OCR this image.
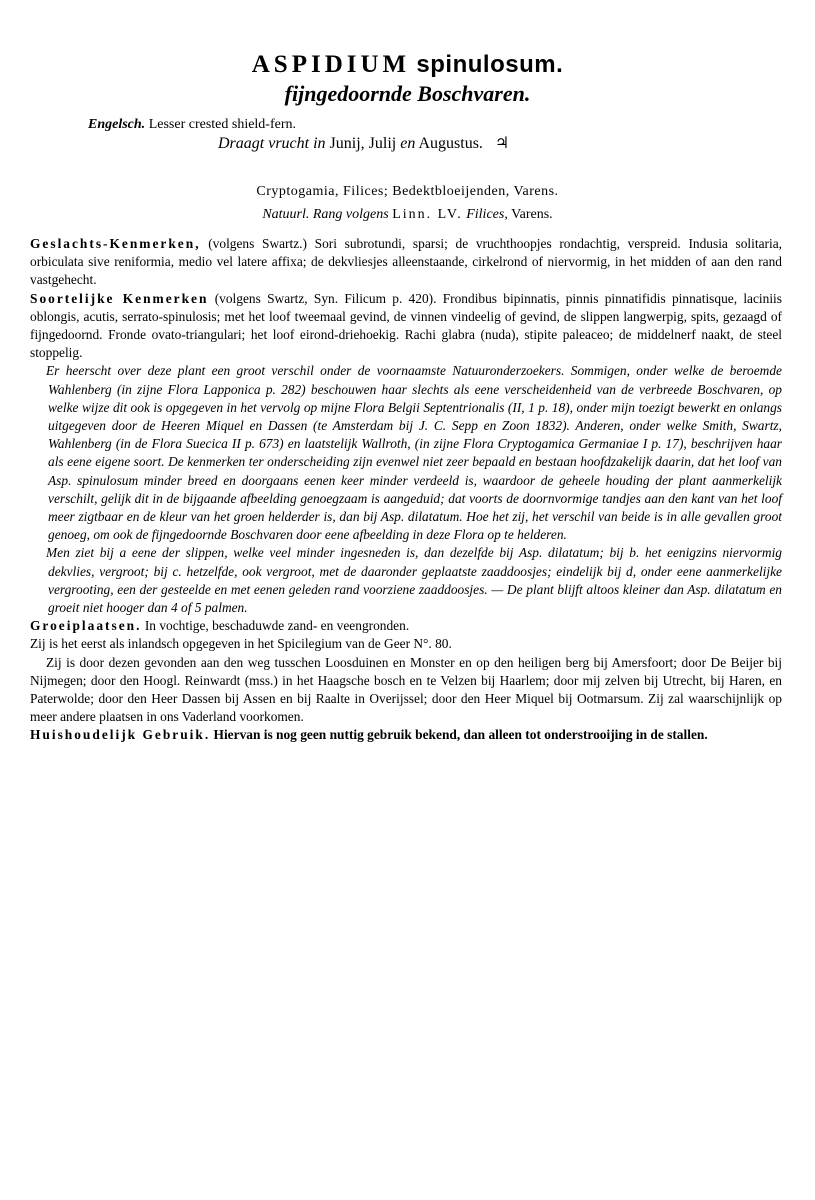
ASPIDIUM spinulosum.
fijngedoornde Boschvaren.
Engelsch. Lesser crested shield-fern.
Draagt vrucht in Junij, Julij en Augustus. ♃
Cryptogamia, Filices; Bedektbloeijenden, Varens.
Natuurl. Rang volgens Linn. LV. Filices, Varens.

Geslachts-Kenmerken, (volgens Swartz.) Sori subrotundi, sparsi; de vruchthoopjes rondachtig, verspreid. Indusia solitaria, orbiculata sive reniformia, medio vel latere affixa; de dekvliesjes alleenstaande, cirkelrond of niervormig, in het midden of aan den rand vastgehecht.

Soortelijke Kenmerken (volgens Swartz, Syn. Filicum p. 420). Frondibus bipinnatis, pinnis pinnatifidis pinnatisque, laciniis oblongis, acutis, serrato-spinulosis; met het loof tweemaal gevind, de vinnen vindeelig of gevind, de slippen langwerpig, spits, gezaagd of fijngedoornd. Fronde ovato-triangulari; het loof eirond-driehoekig. Rachi glabra (nuda), stipite paleaceo; de middelnerf naakt, de steel stoppelig.

Er heerscht over deze plant een groot verschil onder de voornaamste Natuuronderzoekers. Sommigen, onder welke de beroemde Wahlenberg (in zijne Flora Lapponica p. 282) beschouwen haar slechts als eene verscheidenheid van de verbreede Boschvaren, op welke wijze dit ook is opgegeven in het vervolg op mijne Flora Belgii Septentrionalis (II, 1 p. 18), onder mijn toezigt bewerkt en onlangs uitgegeven door de Heeren Miquel en Dassen (te Amsterdam bij J. C. Sepp en Zoon 1832). Anderen, onder welke Smith, Swartz, Wahlenberg (in de Flora Suecica II p. 673) en laatstelijk Wallroth, (in zijne Flora Cryptogamica Germaniae I p. 17), beschrijven haar als eene eigene soort. De kenmerken ter onderscheiding zijn evenwel niet zeer bepaald en bestaan hoofdzakelijk daarin, dat het loof van Asp. spinulosum minder breed en doorgaans eenen keer minder verdeeld is, waardoor de geheele houding der plant aanmerkelijk verschilt, gelijk dit in de bijgaande afbeelding genoegzaam is aangeduid; dat voorts de doornvormige tandjes aan den kant van het loof meer zigtbaar en de kleur van het groen helderder is, dan bij Asp. dilatatum. Hoe het zij, het verschil van beide is in alle gevallen groot genoeg, om ook de fijngedoornde Boschvaren door eene afbeelding in deze Flora op te helderen.

Men ziet bij a eene der slippen, welke veel minder ingesneden is, dan dezelfde bij Asp. dilatatum; bij b. het eenigzins niervormig dekvlies, vergroot; bij c. hetzelfde, ook vergroot, met de daaronder geplaatste zaaddoosjes; eindelijk bij d, onder eene aanmerkelijke vergrooting, een der gesteelde en met eenen geleden rand voorziene zaaddoosjes. — De plant blijft altoos kleiner dan Asp. dilatatum en groeit niet hooger dan 4 of 5 palmen.

Groeiplaatsen. In vochtige, beschaduwde zand- en veengronden.

Zij is het eerst als inlandsch opgegeven in het Spicilegium van de Geer N°. 80.

Zij is door dezen gevonden aan den weg tusschen Loosduinen en Monster en op den heiligen berg bij Amersfoort; door De Beijer bij Nijmegen; door den Hoogl. Reinwardt (mss.) in het Haagsche bosch en te Velzen bij Haarlem; door mij zelven bij Utrecht, bij Haren, en Paterwolde; door den Heer Dassen bij Assen en bij Raalte in Overijssel; door den Heer Miquel bij Ootmarsum. Zij zal waarschijnlijk op meer andere plaatsen in ons Vaderland voorkomen.

Huishoudelijk Gebruik. Hiervan is nog geen nuttig gebruik bekend, dan alleen tot onderstrooijing in de stallen.
